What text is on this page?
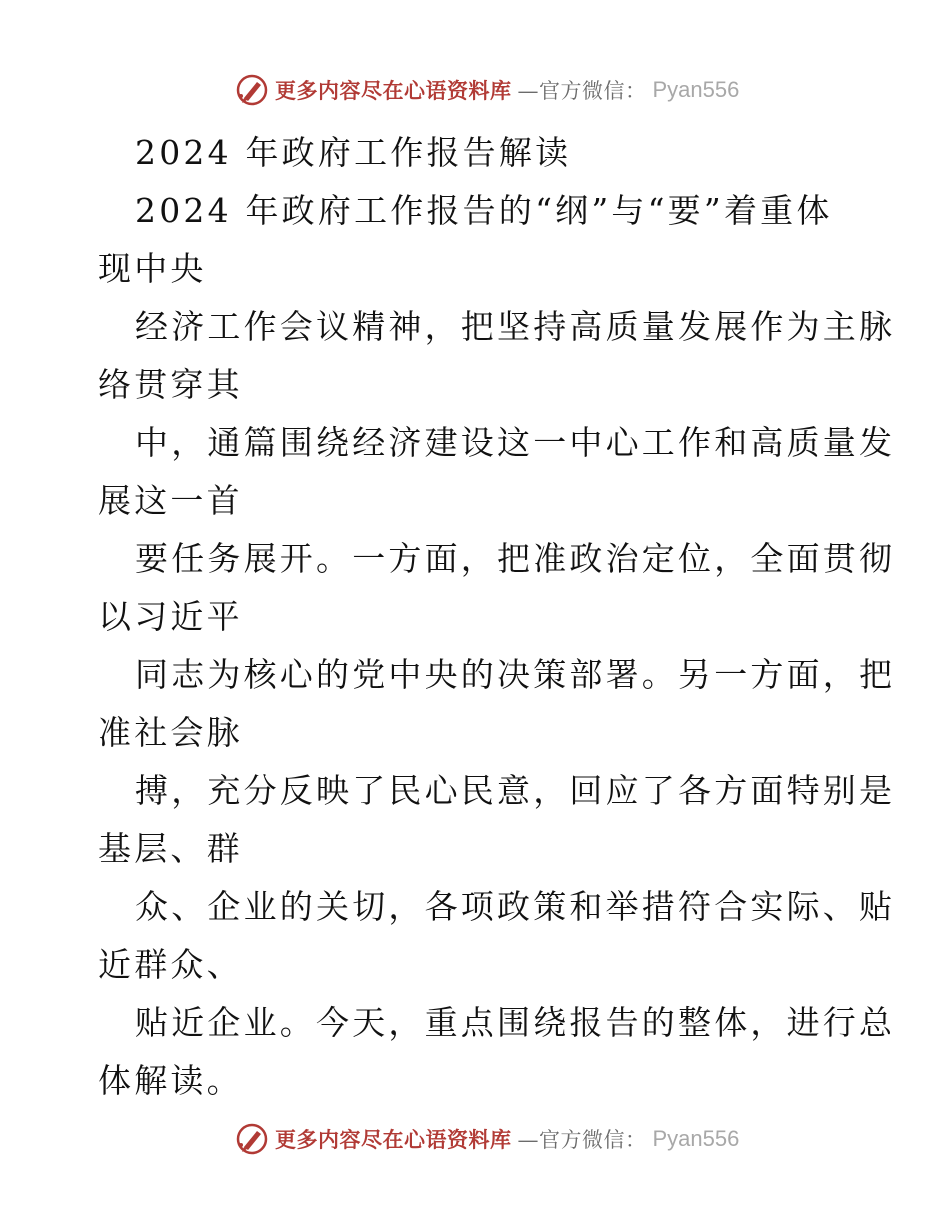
更多内容尽在心语资料库 —官方微信： Pyan556

2024 年政府工作报告解读

2024 年政府工作报告的“纲”与“要”着重体

现中央

经济工作会议精神，把坚持高质量发展作为主脉

络贯穿其

中，通篇围绕经济建设这一中心工作和高质量发

展这一首

要任务展开。一方面，把准政治定位，全面贯彻

以习近平

同志为核心的党中央的决策部署。另一方面，把

准社会脉

搏，充分反映了民心民意，回应了各方面特别是

基层、群

众、企业的关切，各项政策和举措符合实际、贴

近群众、

贴近企业。今天，重点围绕报告的整体，进行总

体解读。

更多内容尽在心语资料库 —官方微信： Pyan556
